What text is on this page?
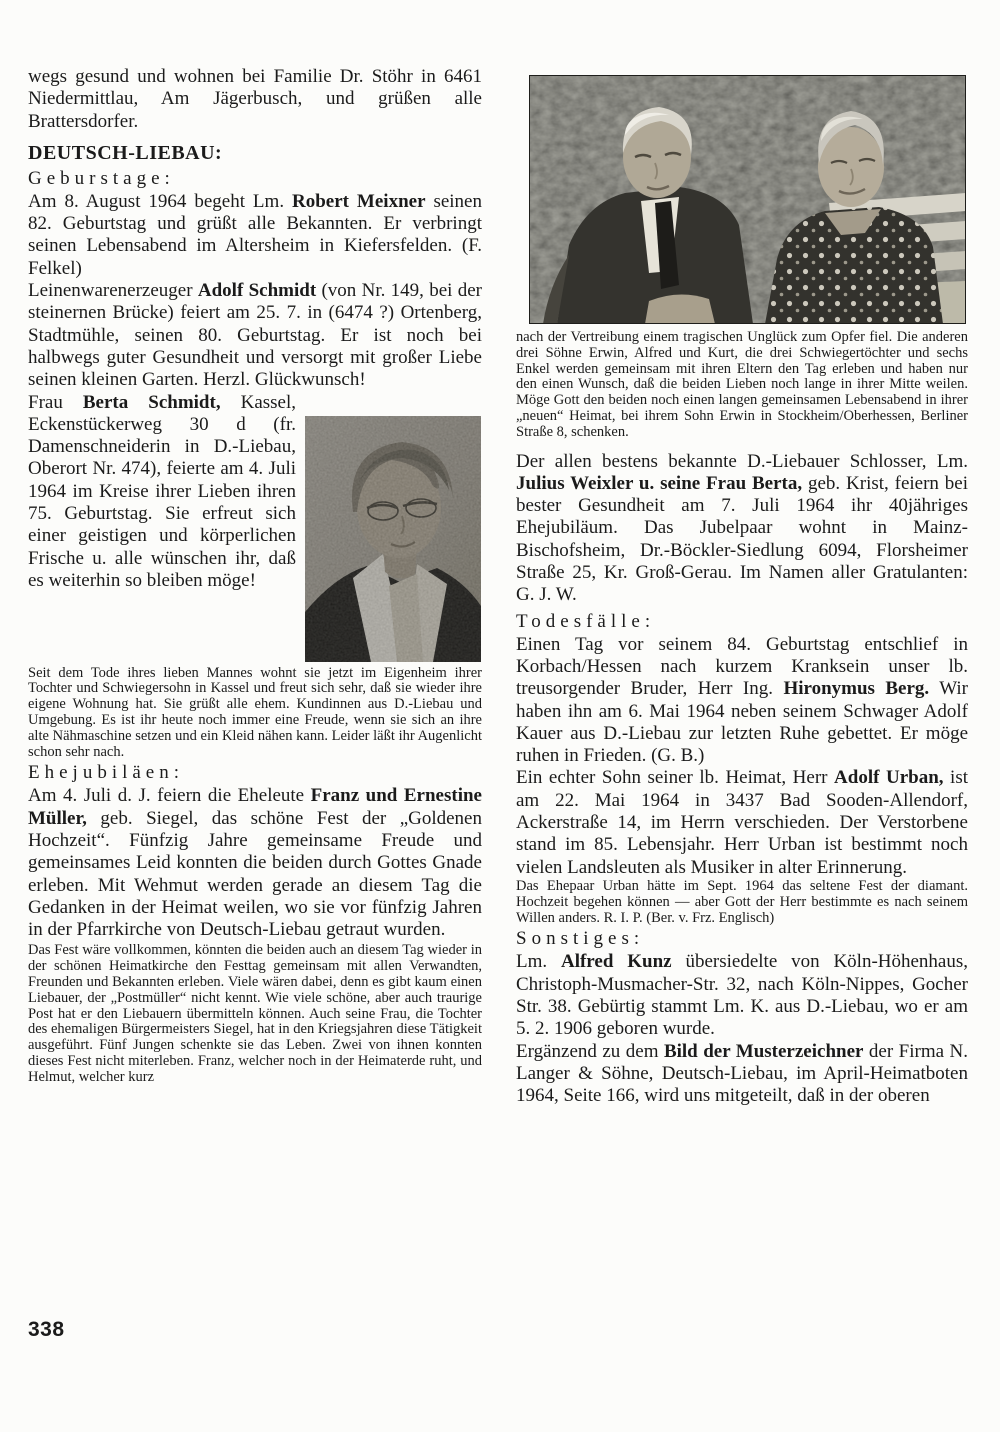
wegs gesund und wohnen bei Familie Dr. Stöhr in 6461 Niedermittlau, Am Jägerbusch, und grüßen alle Brattersdorfer.

DEUTSCH-LIEBAU:
Geburstage:

Am 8. August 1964 begeht Lm. Robert Meixner seinen 82. Geburtstag und grüßt alle Bekannten. Er verbringt seinen Lebensabend im Altersheim in Kiefersfelden. (F. Felkel)

Leinenwarenerzeuger Adolf Schmidt (von Nr. 149, bei der steinernen Brücke) feiert am 25. 7. in (6474 ?) Ortenberg, Stadtmühle, seinen 80. Geburtstag. Er ist noch bei halbwegs guter Gesundheit und versorgt mit großer Liebe seinen kleinen Garten. Herzl. Glückwunsch!

Frau Berta Schmidt, Kassel, Eckenstückerweg 30 d (fr. Damenschneiderin in D.-Liebau, Oberort Nr. 474), feierte am 4. Juli 1964 im Kreise ihrer Lieben ihren 75. Geburtstag. Sie erfreut sich einer geistigen und körperlichen Frische u. alle wünschen ihr, daß es weiterhin so bleiben möge!

Seit dem Tode ihres lieben Mannes wohnt sie jetzt im Eigenheim ihrer Tochter und Schwiegersohn in Kassel und freut sich sehr, daß sie wieder ihre eigene Wohnung hat. Sie grüßt alle ehem. Kundinnen aus D.-Liebau und Umgebung. Es ist ihr heute noch immer eine Freude, wenn sie sich an ihre alte Nähmaschine setzen und ein Kleid nähen kann. Leider läßt ihr Augenlicht schon sehr nach.

Ehejubiläen:

Am 4. Juli d. J. feiern die Eheleute Franz und Ernestine Müller, geb. Siegel, das schöne Fest der „Goldenen Hochzeit“. Fünfzig Jahre gemeinsame Freude und gemeinsames Leid konnten die beiden durch Gottes Gnade erleben. Mit Wehmut werden gerade an diesem Tag die Gedanken in der Heimat weilen, wo sie vor fünfzig Jahren in der Pfarrkirche von Deutsch-Liebau getraut wurden.

Das Fest wäre vollkommen, könnten die beiden auch an diesem Tag wieder in der schönen Heimatkirche den Festtag gemeinsam mit allen Verwandten, Freunden und Bekannten erleben. Viele wären dabei, denn es gibt kaum einen Liebauer, der „Postmüller“ nicht kennt. Wie viele schöne, aber auch traurige Post hat er den Liebauern übermitteln können. Auch seine Frau, die Tochter des ehemaligen Bürgermeisters Siegel, hat in den Kriegsjahren diese Tätigkeit ausgeführt. Fünf Jungen schenkte sie das Leben. Zwei von ihnen konnten dieses Fest nicht miterleben. Franz, welcher noch in der Heimaterde ruht, und Helmut, welcher kurz

nach der Vertreibung einem tragischen Unglück zum Opfer fiel. Die anderen drei Söhne Erwin, Alfred und Kurt, die drei Schwiegertöchter und sechs Enkel werden gemeinsam mit ihren Eltern den Tag erleben und haben nur den einen Wunsch, daß die beiden Lieben noch lange in ihrer Mitte weilen. Möge Gott den beiden noch einen langen gemeinsamen Lebensabend in ihrer „neuen“ Heimat, bei ihrem Sohn Erwin in Stockheim/Oberhessen, Berliner Straße 8, schenken.

Der allen bestens bekannte D.-Liebauer Schlosser, Lm. Julius Weixler u. seine Frau Berta, geb. Krist, feiern bei bester Gesundheit am 7. Juli 1964 ihr 40jähriges Ehejubiläum. Das Jubelpaar wohnt in Mainz-Bischofsheim, Dr.-Böckler-Siedlung 6094, Florsheimer Straße 25, Kr. Groß-Gerau. Im Namen aller Gratulanten: G. J. W.

Todesfälle:

Einen Tag vor seinem 84. Geburtstag entschlief in Korbach/Hessen nach kurzem Kranksein unser lb. treusorgender Bruder, Herr Ing. Hironymus Berg. Wir haben ihn am 6. Mai 1964 neben seinem Schwager Adolf Kauer aus D.-Liebau zur letzten Ruhe gebettet. Er möge ruhen in Frieden. (G. B.)

Ein echter Sohn seiner lb. Heimat, Herr Adolf Urban, ist am 22. Mai 1964 in 3437 Bad Sooden-Allendorf, Ackerstraße 14, im Herrn verschieden. Der Verstorbene stand im 85. Lebensjahr. Herr Urban ist bestimmt noch vielen Landsleuten als Musiker in alter Erinnerung.

Das Ehepaar Urban hätte im Sept. 1964 das seltene Fest der diamant. Hochzeit begehen können — aber Gott der Herr bestimmte es nach seinem Willen anders. R. I. P. (Ber. v. Frz. Englisch)

Sonstiges:

Lm. Alfred Kunz übersiedelte von Köln-Höhenhaus, Christoph-Musmacher-Str. 32, nach Köln-Nippes, Gocher Str. 38. Gebürtig stammt Lm. K. aus D.-Liebau, wo er am 5. 2. 1906 geboren wurde.

Ergänzend zu dem Bild der Musterzeichner der Firma N. Langer & Söhne, Deutsch-Liebau, im April-Heimatboten 1964, Seite 166, wird uns mitgeteilt, daß in der oberen

338
